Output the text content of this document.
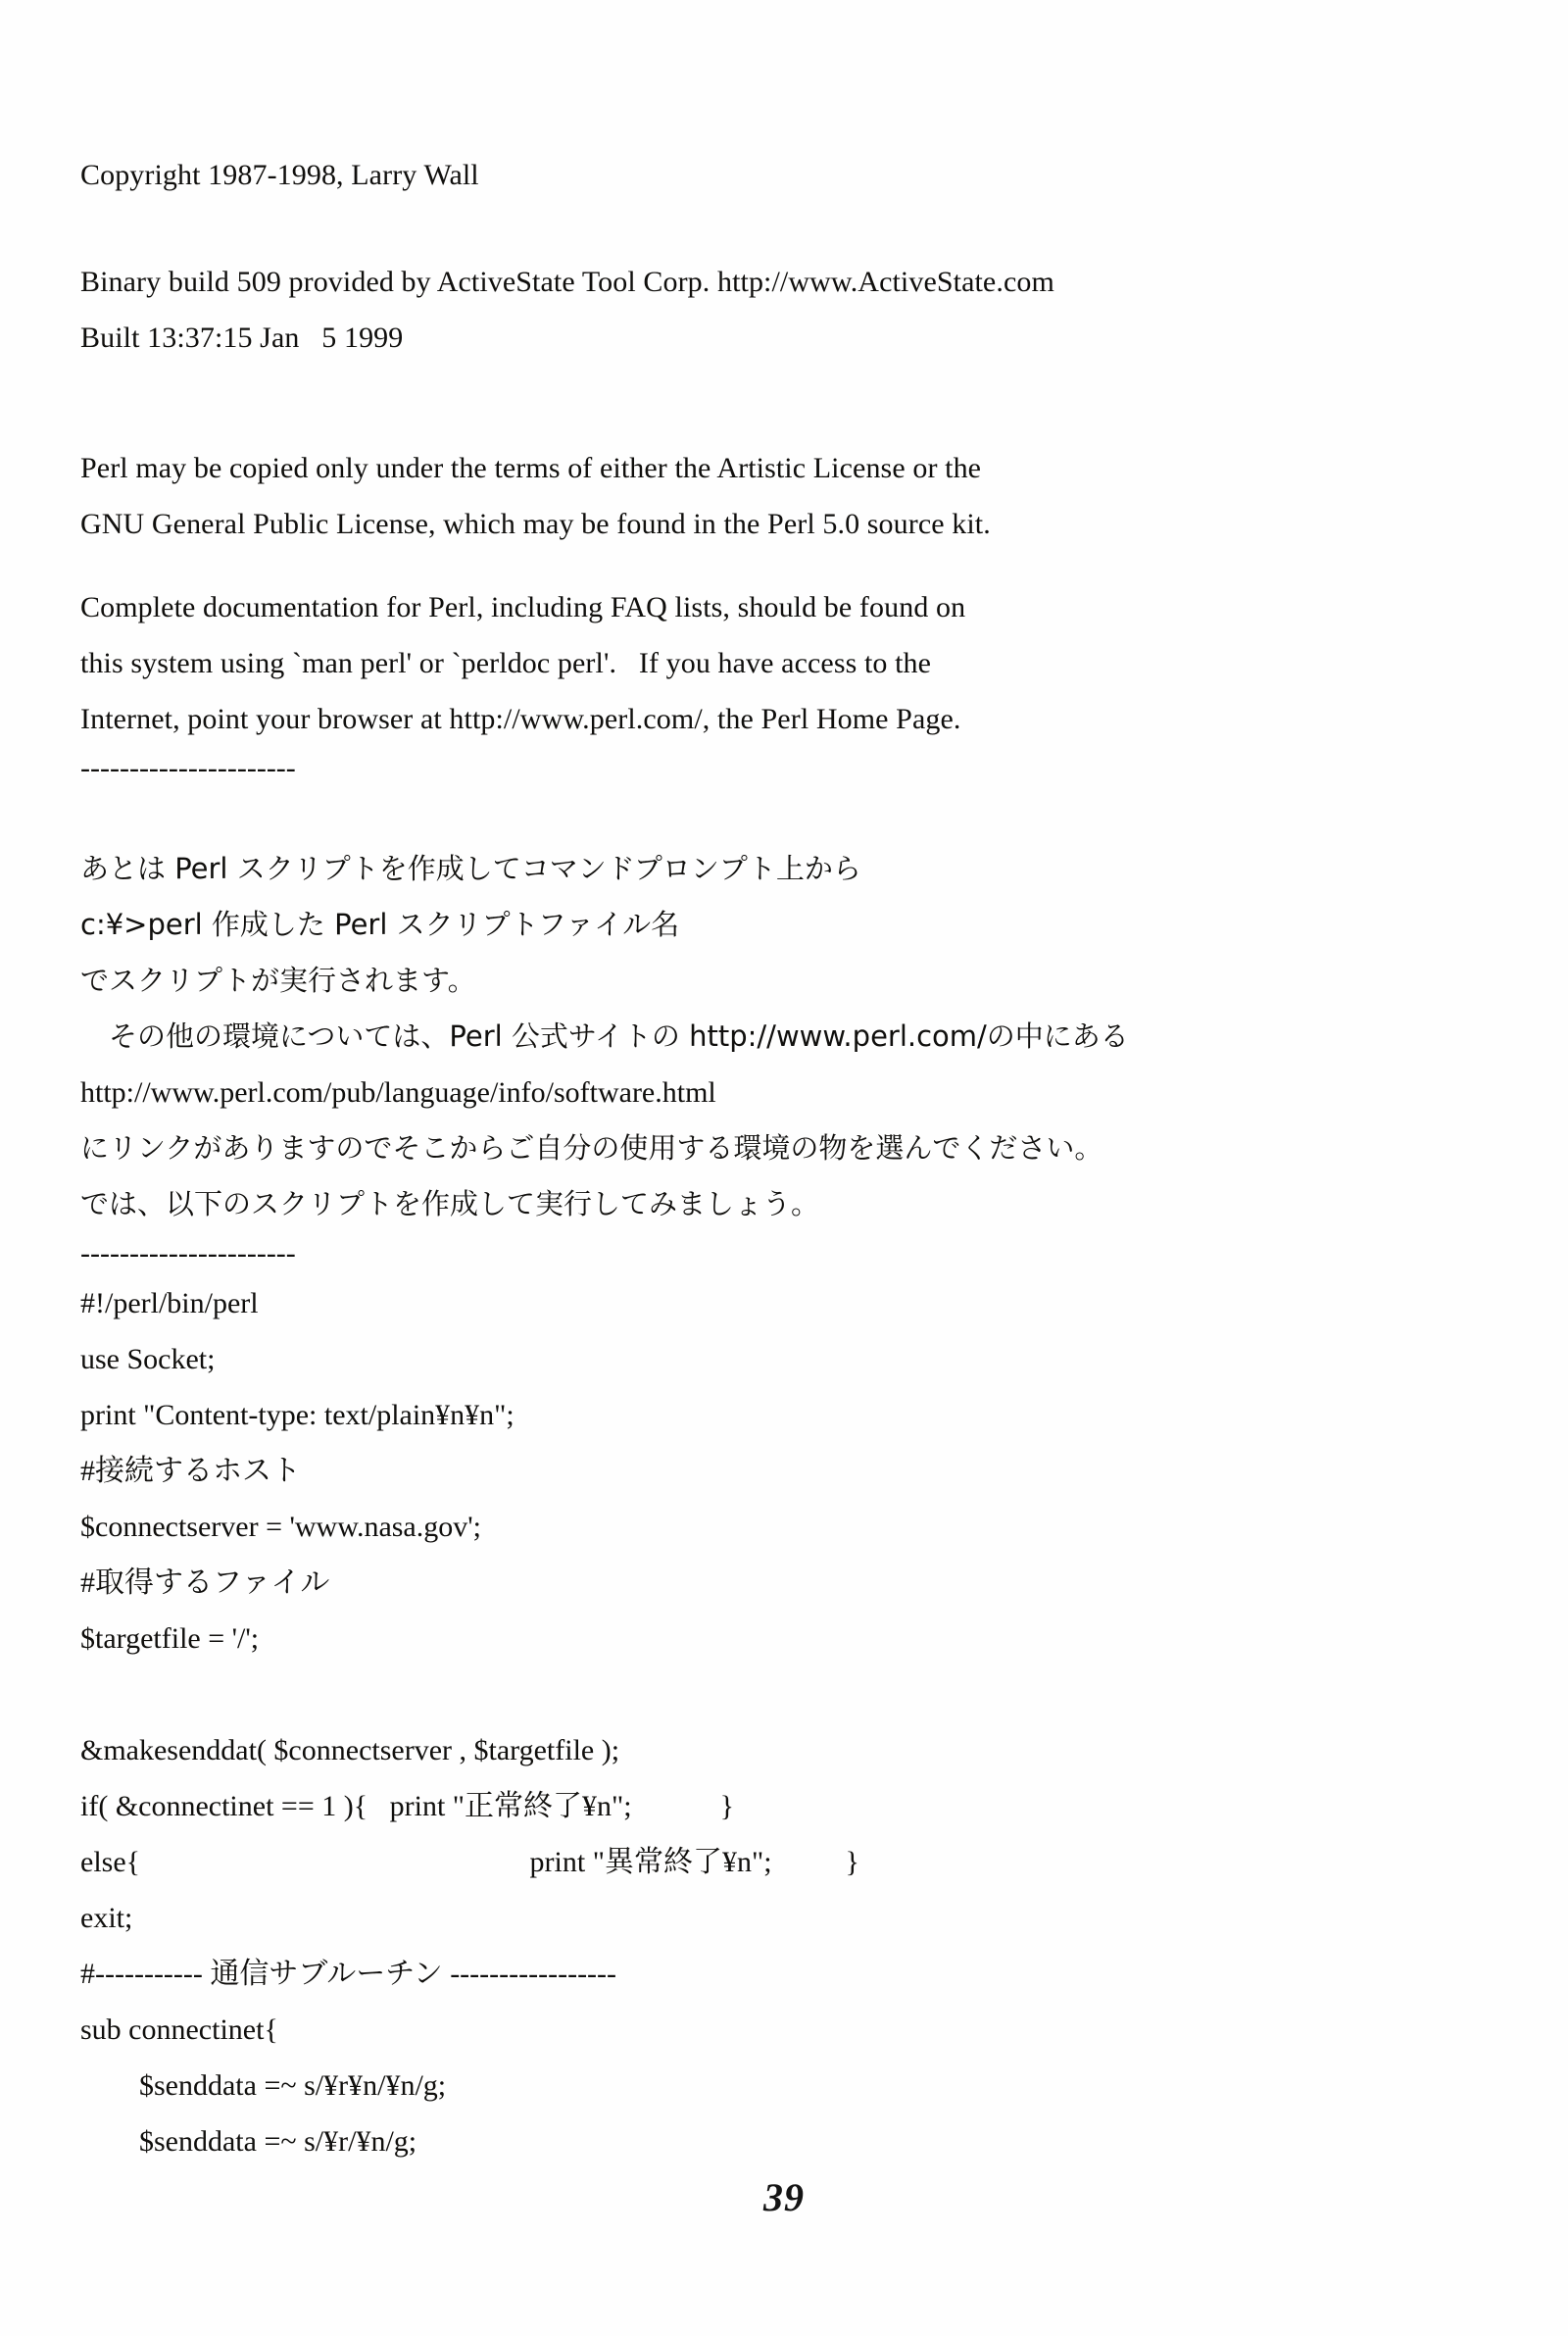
Copyright 1987-1998, Larry Wall
Binary build 509 provided by ActiveState Tool Corp. http://www.ActiveState.com
Built 13:37:15 Jan   5 1999
Perl may be copied only under the terms of either the Artistic License or the
GNU General Public License, which may be found in the Perl 5.0 source kit.
Complete documentation for Perl, including FAQ lists, should be found on
this system using `man perl' or `perldoc perl'.   If you have access to the
Internet, point your browser at http://www.perl.com/, the Perl Home Page.
----------------------
あとは Perl スクリプトを作成してコマンドプロンプト上から
c:¥>perl 作成した Perl スクリプトファイル名
でスクリプトが実行されます。
　その他の環境については、Perl 公式サイトの http://www.perl.com/の中にある
http://www.perl.com/pub/language/info/software.html
にリンクがありますのでそこからご自分の使用する環境の物を選んでください。
では、以下のスクリプトを作成して実行してみましょう。
----------------------
#!/perl/bin/perl
use Socket;
print "Content-type: text/plain¥n¥n";
#接続するホスト
$connectserver = 'www.nasa.gov';
#取得するファイル
$targetfile = '/';

&makesenddat( $connectserver , $targetfile );
if( &connectinet == 1 ){   print "正常終了¥n";            }
else{                                                     print "異常終了¥n";          }
exit;
#----------- 通信サブルーチン -----------------
sub connectinet{
$senddata =~ s/¥r¥n/¥n/g;
$senddata =~ s/¥r/¥n/g;
39
